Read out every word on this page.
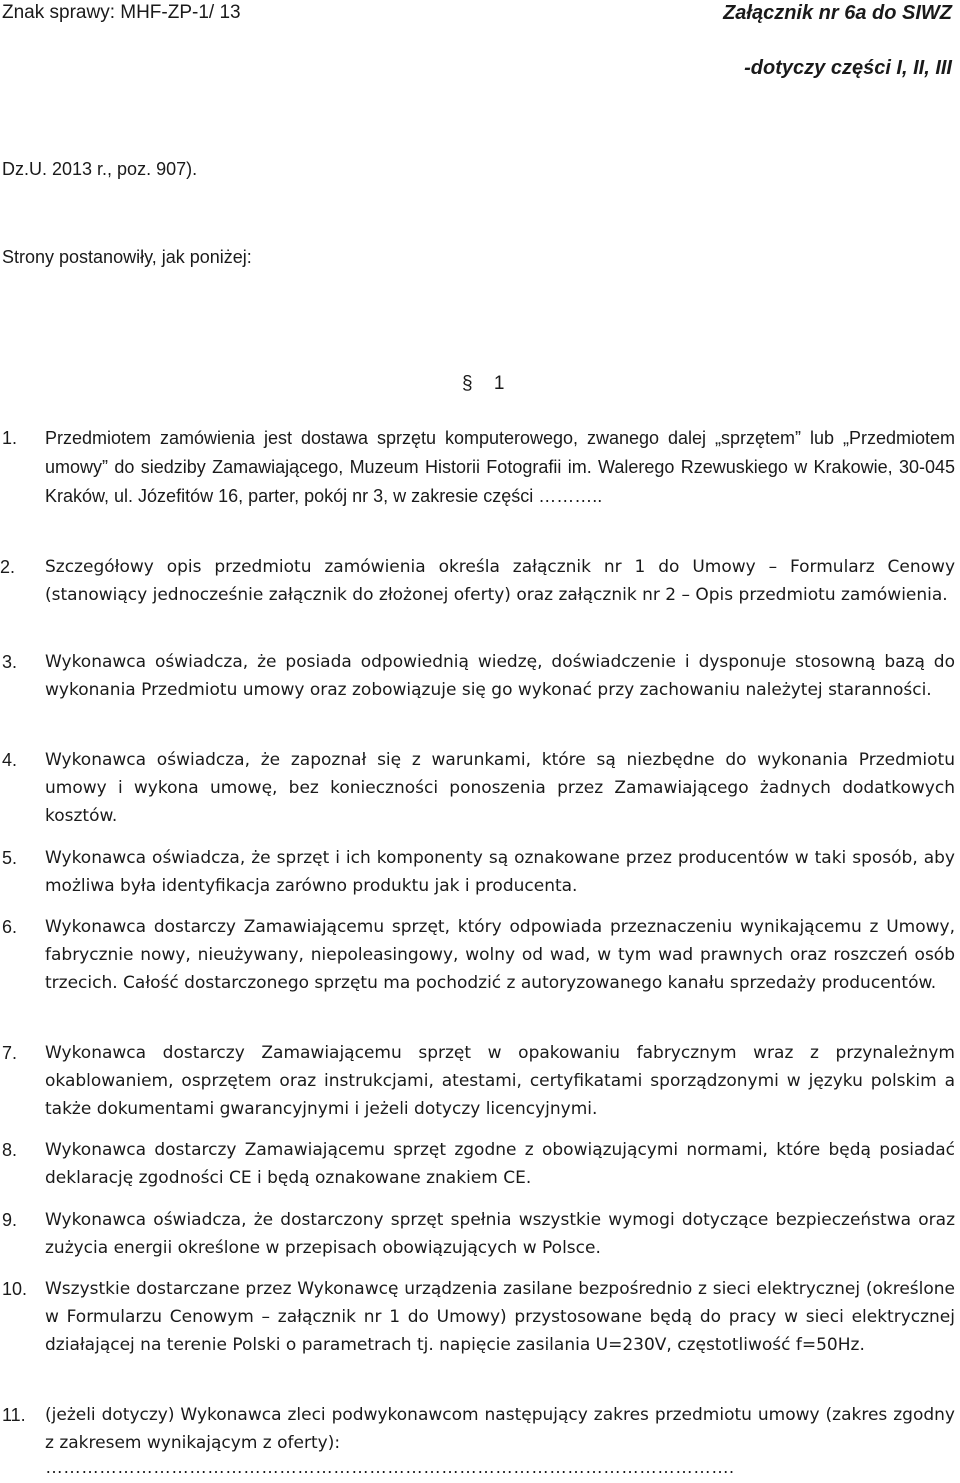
Znak sprawy: MHF-ZP-1/ 13	Załącznik nr 6a do SIWZ
-dotyczy części I, II, III
Dz.U. 2013 r., poz. 907).
Strony postanowiły, jak poniżej:
§ 1
1. Przedmiotem zamówienia jest dostawa sprzętu komputerowego, zwanego dalej „sprzętem” lub „Przedmiotem umowy” do siedziby Zamawiającego, Muzeum Historii Fotografii im. Walerego Rzewuskiego w Krakowie, 30-045 Kraków, ul. Józefitów 16, parter, pokój nr 3, w zakresie części ………..
2. Szczegółowy opis przedmiotu zamówienia określa załącznik nr 1 do Umowy – Formularz Cenowy (stanowiący jednocześnie załącznik do złożonej oferty) oraz załącznik nr 2 – Opis przedmiotu zamówienia.
3. Wykonawca oświadcza, że posiada odpowiednią wiedzę, doświadczenie i dysponuje stosowną bazą do wykonania Przedmiotu umowy oraz zobowiązuje się go wykonać przy zachowaniu należytej staranności.
4. Wykonawca oświadcza, że zapoznał się z warunkami, które są niezbędne do wykonania Przedmiotu umowy i wykona umowę, bez konieczności ponoszenia przez Zamawiającego żadnych dodatkowych kosztów.
5. Wykonawca oświadcza, że sprzęt i ich komponenty są oznakowane przez producentów w taki sposób, aby możliwa była identyfikacja zarówno produktu jak i producenta.
6. Wykonawca dostarczy Zamawiającemu sprzęt, który odpowiada przeznaczeniu wynikającemu z Umowy, fabrycznie nowy, nieużywany, niepoleasingowy, wolny od wad, w tym wad prawnych oraz roszczeń osób trzecich. Całość dostarczonego sprzętu ma pochodzić z autoryzowanego kanału sprzedaży producentów.
7. Wykonawca dostarczy Zamawiającemu sprzęt w opakowaniu fabrycznym wraz z przynależnym okablowaniem, osprzętem oraz instrukcjami, atestami, certyfikatami sporządzonymi w języku polskim a także dokumentami gwarancyjnymi i jeżeli dotyczy licencyjnymi.
8. Wykonawca dostarczy Zamawiającemu sprzęt zgodne z obowiązującymi normami, które będą posiadać deklarację zgodności CE i będą oznakowane znakiem CE.
9. Wykonawca oświadcza, że dostarczony sprzęt spełnia wszystkie wymogi dotyczące bezpieczeństwa oraz zużycia energii określone w przepisach obowiązujących w Polsce.
10. Wszystkie dostarczane przez Wykonawcę urządzenia zasilane bezpośrednio z sieci elektrycznej (określone w Formularzu Cenowym – załącznik nr 1 do Umowy) przystosowane będą do pracy w sieci elektrycznej działającej na terenie Polski o parametrach tj. napięcie zasilania U=230V, częstotliwość f=50Hz.
11. (jeżeli dotyczy) Wykonawca zleci podwykonawcom następujący zakres przedmiotu umowy (zakres zgodny z zakresem wynikającym z oferty):
…………………………………………………………………………………………………….
